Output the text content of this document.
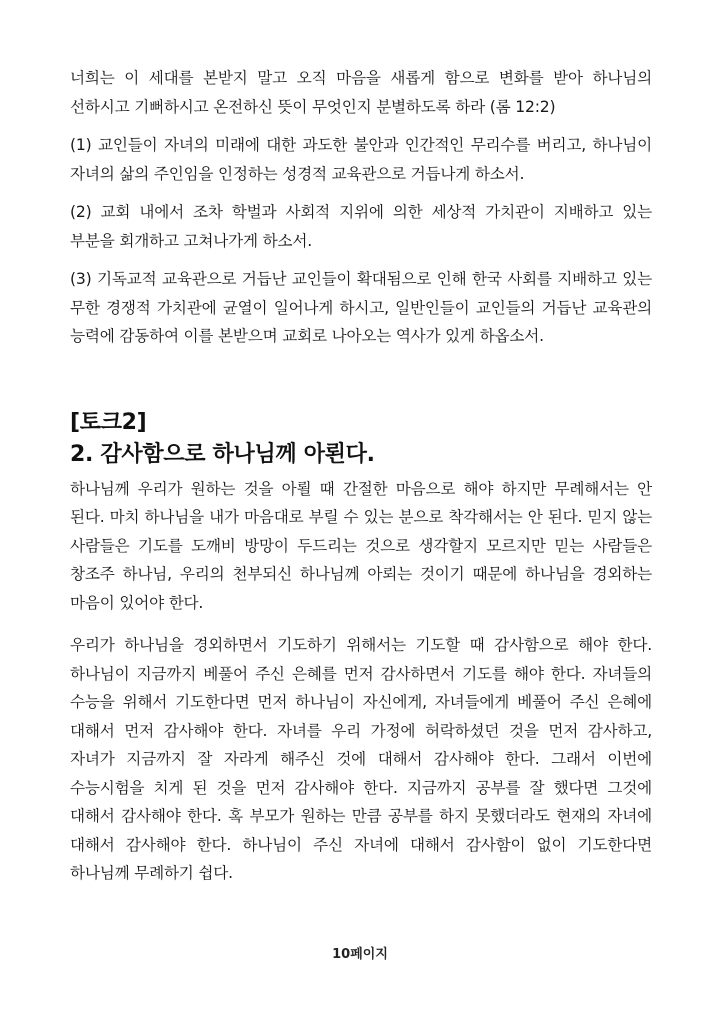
너희는 이 세대를 본받지 말고 오직 마음을 새롭게 함으로 변화를 받아 하나님의 선하시고 기뻐하시고 온전하신 뜻이 무엇인지 분별하도록 하라 (롬 12:2)

(1) 교인들이 자녀의 미래에 대한 과도한 불안과 인간적인 무리수를 버리고, 하나님이 자녀의 삶의 주인임을 인정하는 성경적 교육관으로 거듭나게 하소서.

(2) 교회 내에서 조차 학벌과 사회적 지위에 의한 세상적 가치관이 지배하고 있는 부분을 회개하고 고쳐나가게 하소서.

(3) 기독교적 교육관으로 거듭난 교인들이 확대됨으로 인해 한국 사회를 지배하고 있는 무한 경쟁적 가치관에 균열이 일어나게 하시고, 일반인들이 교인들의 거듭난 교육관의 능력에 감동하여 이를 본받으며 교회로 나아오는 역사가 있게 하옵소서.

[토크2]
2. 감사함으로 하나님께 아뢴다.

하나님께 우리가 원하는 것을 아뢸 때 간절한 마음으로 해야 하지만 무례해서는 안 된다. 마치 하나님을 내가 마음대로 부릴 수 있는 분으로 착각해서는 안 된다. 믿지 않는 사람들은 기도를 도깨비 방망이 두드리는 것으로 생각할지 모르지만 믿는 사람들은 창조주 하나님, 우리의 천부되신 하나님께 아뢰는 것이기 때문에 하나님을 경외하는 마음이 있어야 한다.

우리가 하나님을 경외하면서 기도하기 위해서는 기도할 때 감사함으로 해야 한다. 하나님이 지금까지 베풀어 주신 은혜를 먼저 감사하면서 기도를 해야 한다. 자녀들의 수능을 위해서 기도한다면 먼저 하나님이 자신에게, 자녀들에게 베풀어 주신 은혜에 대해서 먼저 감사해야 한다. 자녀를 우리 가정에 허락하셨던 것을 먼저 감사하고, 자녀가 지금까지 잘 자라게 해주신 것에 대해서 감사해야 한다. 그래서 이번에 수능시험을 치게 된 것을 먼저 감사해야 한다. 지금까지 공부를 잘 했다면 그것에 대해서 감사해야 한다. 혹 부모가 원하는 만큼 공부를 하지 못했더라도 현재의 자녀에 대해서 감사해야 한다. 하나님이 주신 자녀에 대해서 감사함이 없이 기도한다면 하나님께 무례하기 쉽다.

10페이지
